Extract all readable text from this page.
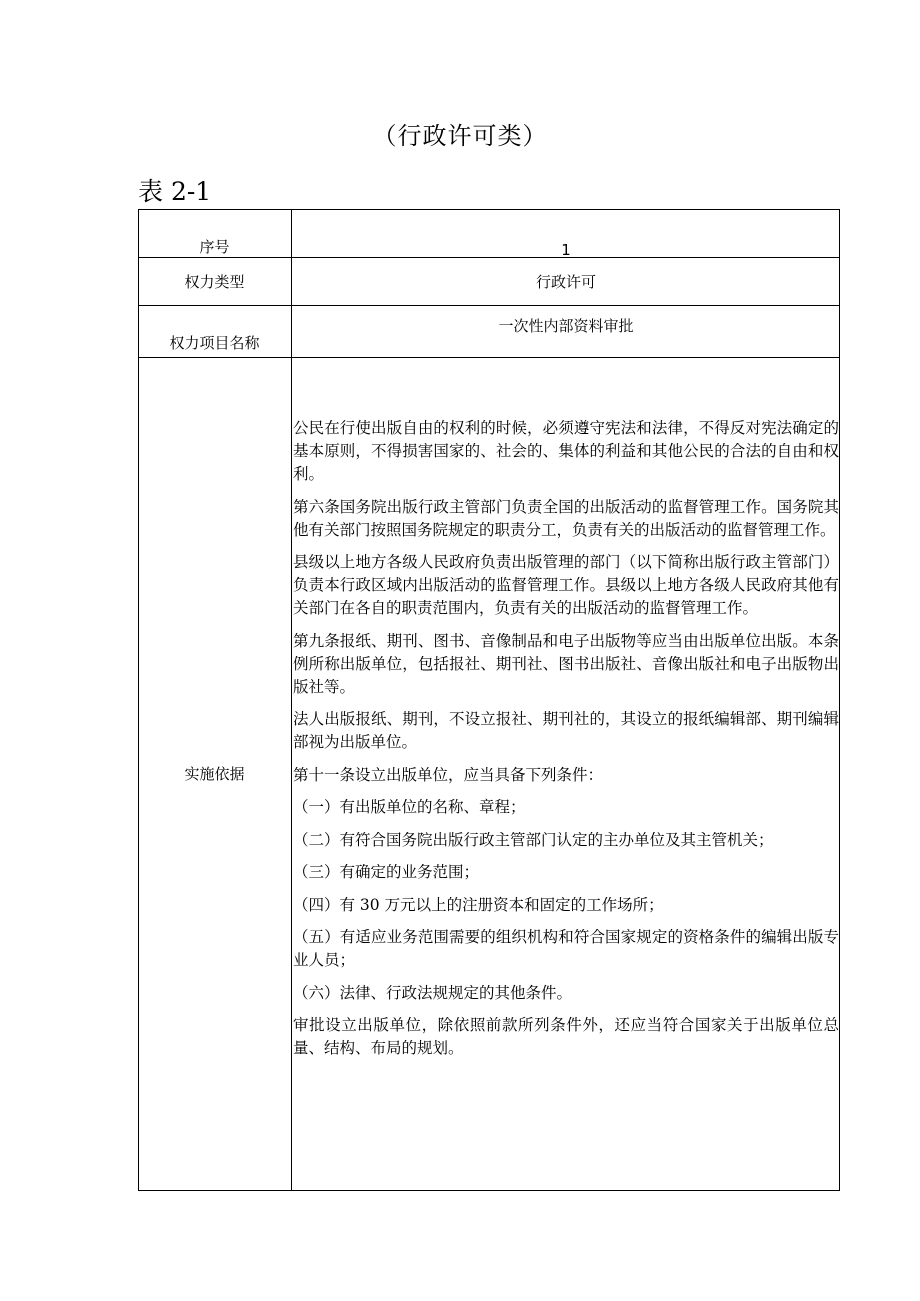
（行政许可类）
表 2-1
序号	1
权力类型	行政许可
权力项目名称
一次性内部资料审批
实施依据

公民在行使出版自由的权利的时候，必须遵守宪法和法律，不得反对宪法确定的基本原则，不得损害国家的、社会的、集体的利益和其他公民的合法的自由和权利。

第六条国务院出版行政主管部门负责全国的出版活动的监督管理工作。国务院其他有关部门按照国务院规定的职责分工，负责有关的出版活动的监督管理工作。

县级以上地方各级人民政府负责出版管理的部门（以下简称出版行政主管部门）负责本行政区域内出版活动的监督管理工作。县级以上地方各级人民政府其他有关部门在各自的职责范围内，负责有关的出版活动的监督管理工作。

第九条报纸、期刊、图书、音像制品和电子出版物等应当由出版单位出版。本条例所称出版单位，包括报社、期刊社、图书出版社、音像出版社和电子出版物出版社等。

法人出版报纸、期刊，不设立报社、期刊社的，其设立的报纸编辑部、期刊编辑部视为出版单位。

第十一条设立出版单位，应当具备下列条件：

（一）有出版单位的名称、章程；

（二）有符合国务院出版行政主管部门认定的主办单位及其主管机关；

（三）有确定的业务范围；

（四）有 30 万元以上的注册资本和固定的工作场所；

（五）有适应业务范围需要的组织机构和符合国家规定的资格条件的编辑出版专业人员；

（六）法律、行政法规规定的其他条件。

审批设立出版单位，除依照前款所列条件外，还应当符合国家关于出版单位总量、结构、布局的规划。
